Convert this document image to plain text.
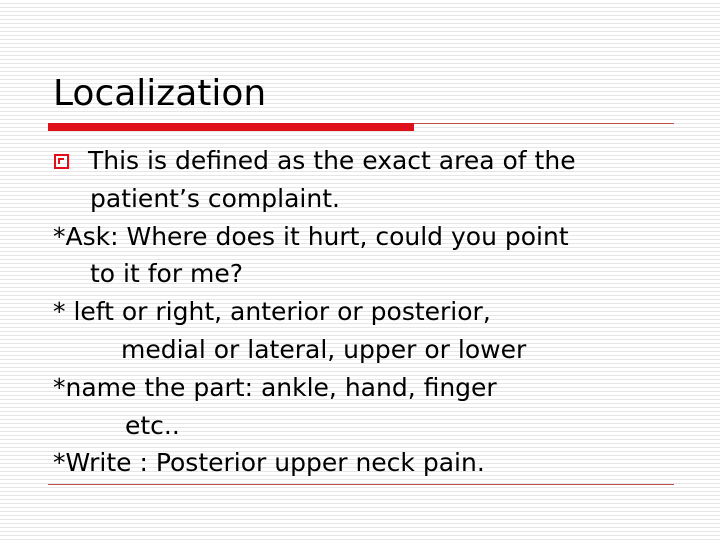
Localization
This is defined as the exact area of the
patient’s complaint.
*Ask: Where does it hurt, could you point
to it for me?
* left or right, anterior or posterior,
medial or lateral, upper or lower
*name the part: ankle, hand, finger
etc..
*Write : Posterior upper neck pain.
